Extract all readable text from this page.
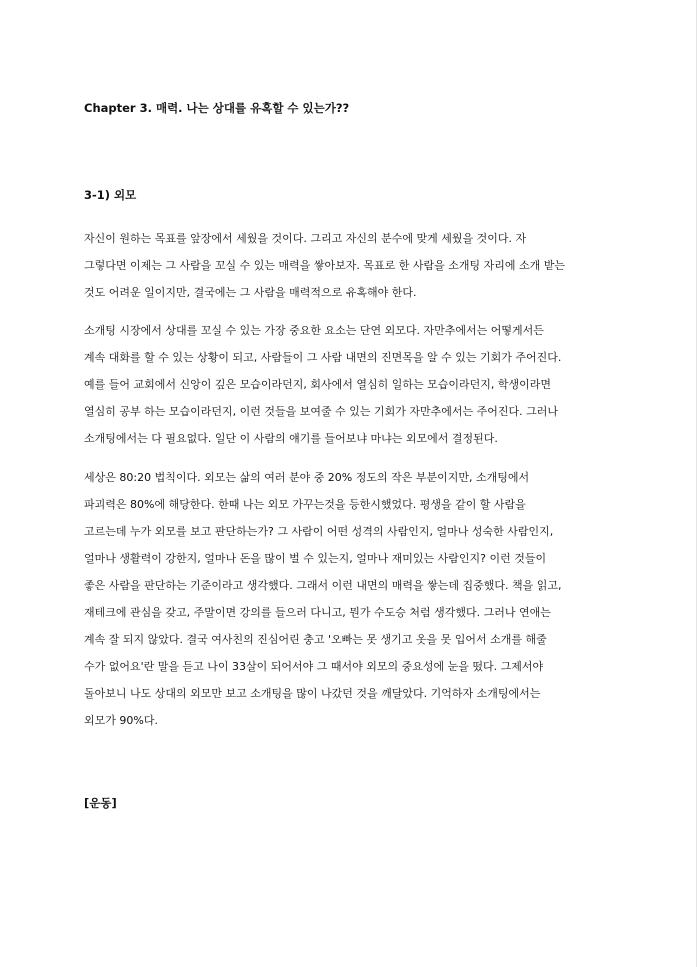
Chapter 3. 매력. 나는 상대를 유혹할 수 있는가??
3-1) 외모
자신이 원하는 목표를 앞장에서 세웠을 것이다. 그리고 자신의 분수에 맞게 세웠을 것이다. 자
그렇다면 이제는 그 사람을 꼬실 수 있는 매력을 쌓아보자. 목표로 한 사람을 소개팅 자리에 소개 받는
것도 어려운 일이지만, 결국에는 그 사람을 매력적으로 유혹해야 한다.
소개팅 시장에서 상대를 꼬실 수 있는 가장 중요한 요소는 단연 외모다. 자만추에서는 어떻게서든
계속 대화를 할 수 있는 상황이 되고, 사람들이 그 사람 내면의 진면목을 알 수 있는 기회가 주어진다.
예를 들어 교회에서 신앙이 깊은 모습이라던지, 회사에서 열심히 일하는 모습이라던지, 학생이라면
열심히 공부 하는 모습이라던지, 이런 것들을 보여줄 수 있는 기회가 자만추에서는 주어진다. 그러나
소개팅에서는 다 필요없다. 일단 이 사람의 얘기를 들어보냐 마냐는 외모에서 결정된다.
세상은 80:20 법칙이다. 외모는 삶의 여러 분야 중 20% 정도의 작은 부분이지만, 소개팅에서
파괴력은 80%에 해당한다. 한때 나는 외모 가꾸는것을 등한시했었다. 평생을 같이 할 사람을
고르는데 누가 외모를 보고 판단하는가? 그 사람이 어떤 성격의 사람인지, 얼마나 성숙한 사람인지,
얼마나 생활력이 강한지, 얼마나 돈을 많이 벌 수 있는지, 얼마나 재미있는 사람인지? 이런 것들이
좋은 사람을 판단하는 기준이라고 생각했다. 그래서 이런 내면의 매력을 쌓는데 집중했다. 책을 읽고,
재테크에 관심을 갖고, 주말이면 강의를 들으러 다니고, 뭔가 수도승 처럼 생각했다. 그러나 연애는
계속 잘 되지 않았다. 결국 여사친의 진심어린 충고 '오빠는 못 생기고 옷을 못 입어서 소개를 해줄
수가 없어요'란 말을 듣고 나이 33살이 되어서야 그 때서야 외모의 중요성에 눈을 떴다. 그제서야
돌아보니 나도 상대의 외모만 보고 소개팅을 많이 나갔던 것을 깨달았다. 기억하자 소개팅에서는
외모가 90%다.
[운동]
